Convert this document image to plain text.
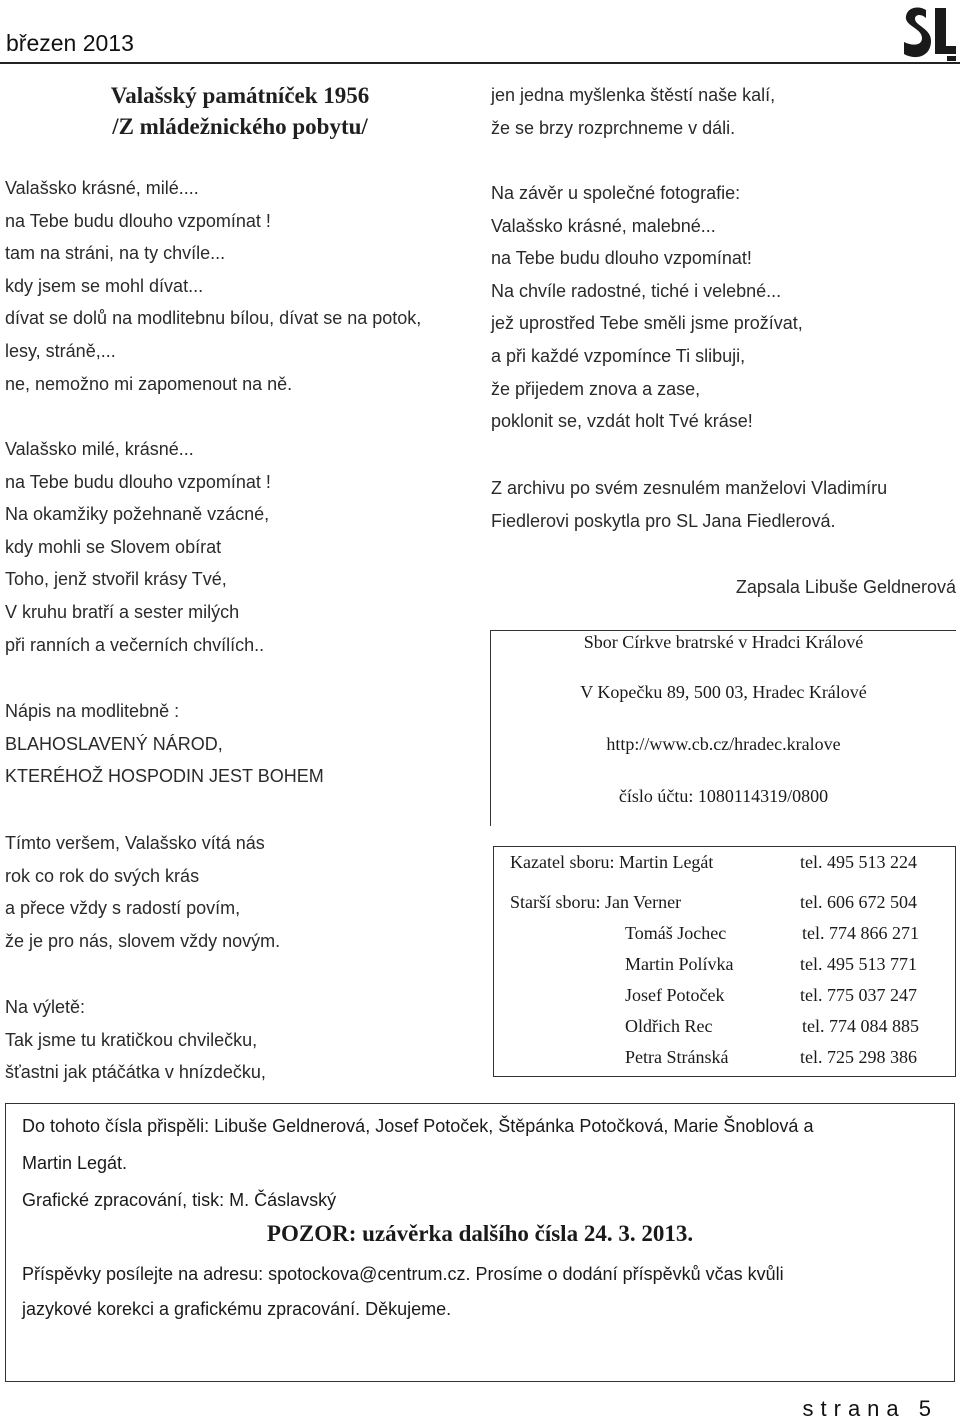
březen 2013
Valašský památníček 1956
/Z mládežnického pobytu/
Valašsko krásné, milé....
na Tebe budu dlouho vzpomínat !
tam na stráni, na ty chvíle...
kdy jsem se mohl dívat...
dívat se dolů na modlitebnu bílou, dívat se na potok,
lesy, stráně,...
ne, nemožno mi zapomenout na ně.
Valašsko milé, krásné...
na Tebe budu dlouho vzpomínat !
Na okamžiky požehnaně vzácné,
kdy mohli se Slovem obírat
Toho, jenž stvořil krásy Tvé,
V kruhu bratří a sester milých
při ranních a večerních chvílích..
Nápis na modlitebně :
BLAHOSLAVENÝ NÁROD,
KTERÉHOŽ HOSPODIN JEST BOHEM
Tímto veršem, Valašsko vítá nás
rok co rok do svých krás
a přece vždy s radostí povím,
že je pro nás, slovem vždy novým.
Na výletě:
Tak jsme tu kratičkou chvilečku,
šťastni jak ptáčátka v hnízdečku,
jen jedna myšlenka štěstí naše kalí,
že se brzy rozprchneme v dáli.
Na závěr u společné fotografie:
Valašsko krásné, malebné...
na Tebe budu dlouho vzpomínat!
Na chvíle radostné, tiché i velebné...
jež uprostřed Tebe směli jsme prožívat,
a při každé vzpomínce Ti slibuji,
že přijedem znova a zase,
poklonit se, vzdát holt Tvé kráse!
Z archivu po svém zesnulém manželovi Vladimíru
Fiedlerovi poskytla pro SL Jana Fiedlerová.
Zapsala Libuše Geldnerová
Sbor Církve bratrské v Hradci Králové
V Kopečku 89, 500 03, Hradec Králové
http://www.cb.cz/hradec.kralove
číslo účtu: 1080114319/0800
Kazatel sboru: Martin Legát	tel. 495 513 224
Starší sboru: Jan Verner	tel. 606 672 504
Tomáš Jochec	tel. 774 866 271
Martin Polívka	tel. 495 513 771
Josef Potoček	tel. 775 037 247
Oldřich Rec	tel. 774 084 885
Petra Stránská	tel. 725 298 386
Do tohoto čísla přispěli: Libuše Geldnerová, Josef Potoček, Štěpánka Potočková, Marie Šnoblová a
Martin Legát.
Grafické zpracování, tisk: M. Čáslavský
POZOR: uzávěrka dalšího čísla 24. 3. 2013.
Příspěvky posílejte na adresu: spotockova@centrum.cz. Prosíme o dodání příspěvků včas kvůli
jazykové korekci a grafickému zpracování. Děkujeme.
strana 5
